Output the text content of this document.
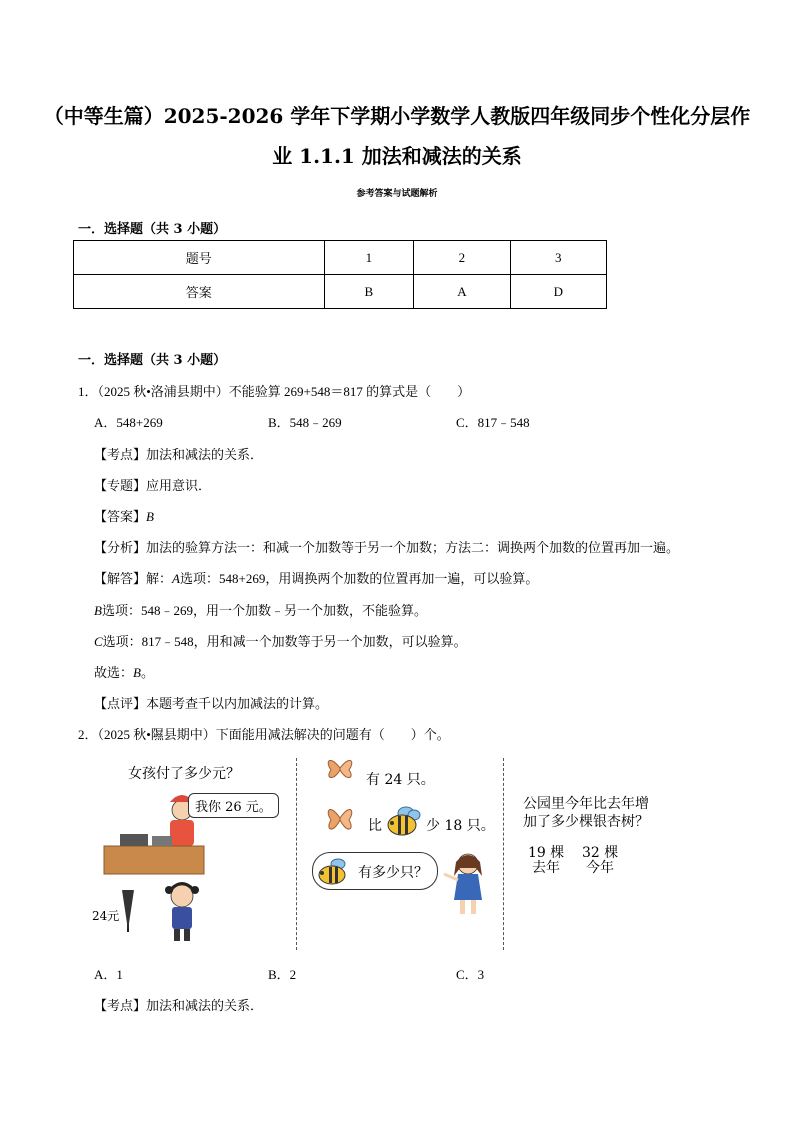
（中等生篇）2025-2026 学年下学期小学数学人教版四年级同步个性化分层作业 1.1.1 加法和减法的关系
参考答案与试题解析
一．选择题（共 3 小题）
题号	1	2	3
答案	B	A	D
一．选择题（共 3 小题）
1．（2025 秋•洛浦县期中）不能验算 269+548＝817 的算式是（　　）
A．548+269	B．548﹣269	C．817﹣548
【考点】加法和减法的关系．
【专题】应用意识．
【答案】B
【分析】加法的验算方法一：和减一个加数等于另一个加数；方法二：调换两个加数的位置再加一遍。
【解答】解：A选项：548+269，用调换两个加数的位置再加一遍，可以验算。
B选项：548﹣269，用一个加数﹣另一个加数，不能验算。
C选项：817﹣548，用和减一个加数等于另一个加数，可以验算。
故选：B。
【点评】本题考查千以内加减法的计算。
2．（2025 秋•隰县期中）下面能用减法解决的问题有（　　）个。
女孩付了多少元？
我你 26 元。
24元
有 24 只。
比	少 18 只。
有多少只？
公园里今年比去年增
加了多少棵银杏树？
19 棵 32 棵
去年 今年
A．1	B．2	C．3
【考点】加法和减法的关系．
